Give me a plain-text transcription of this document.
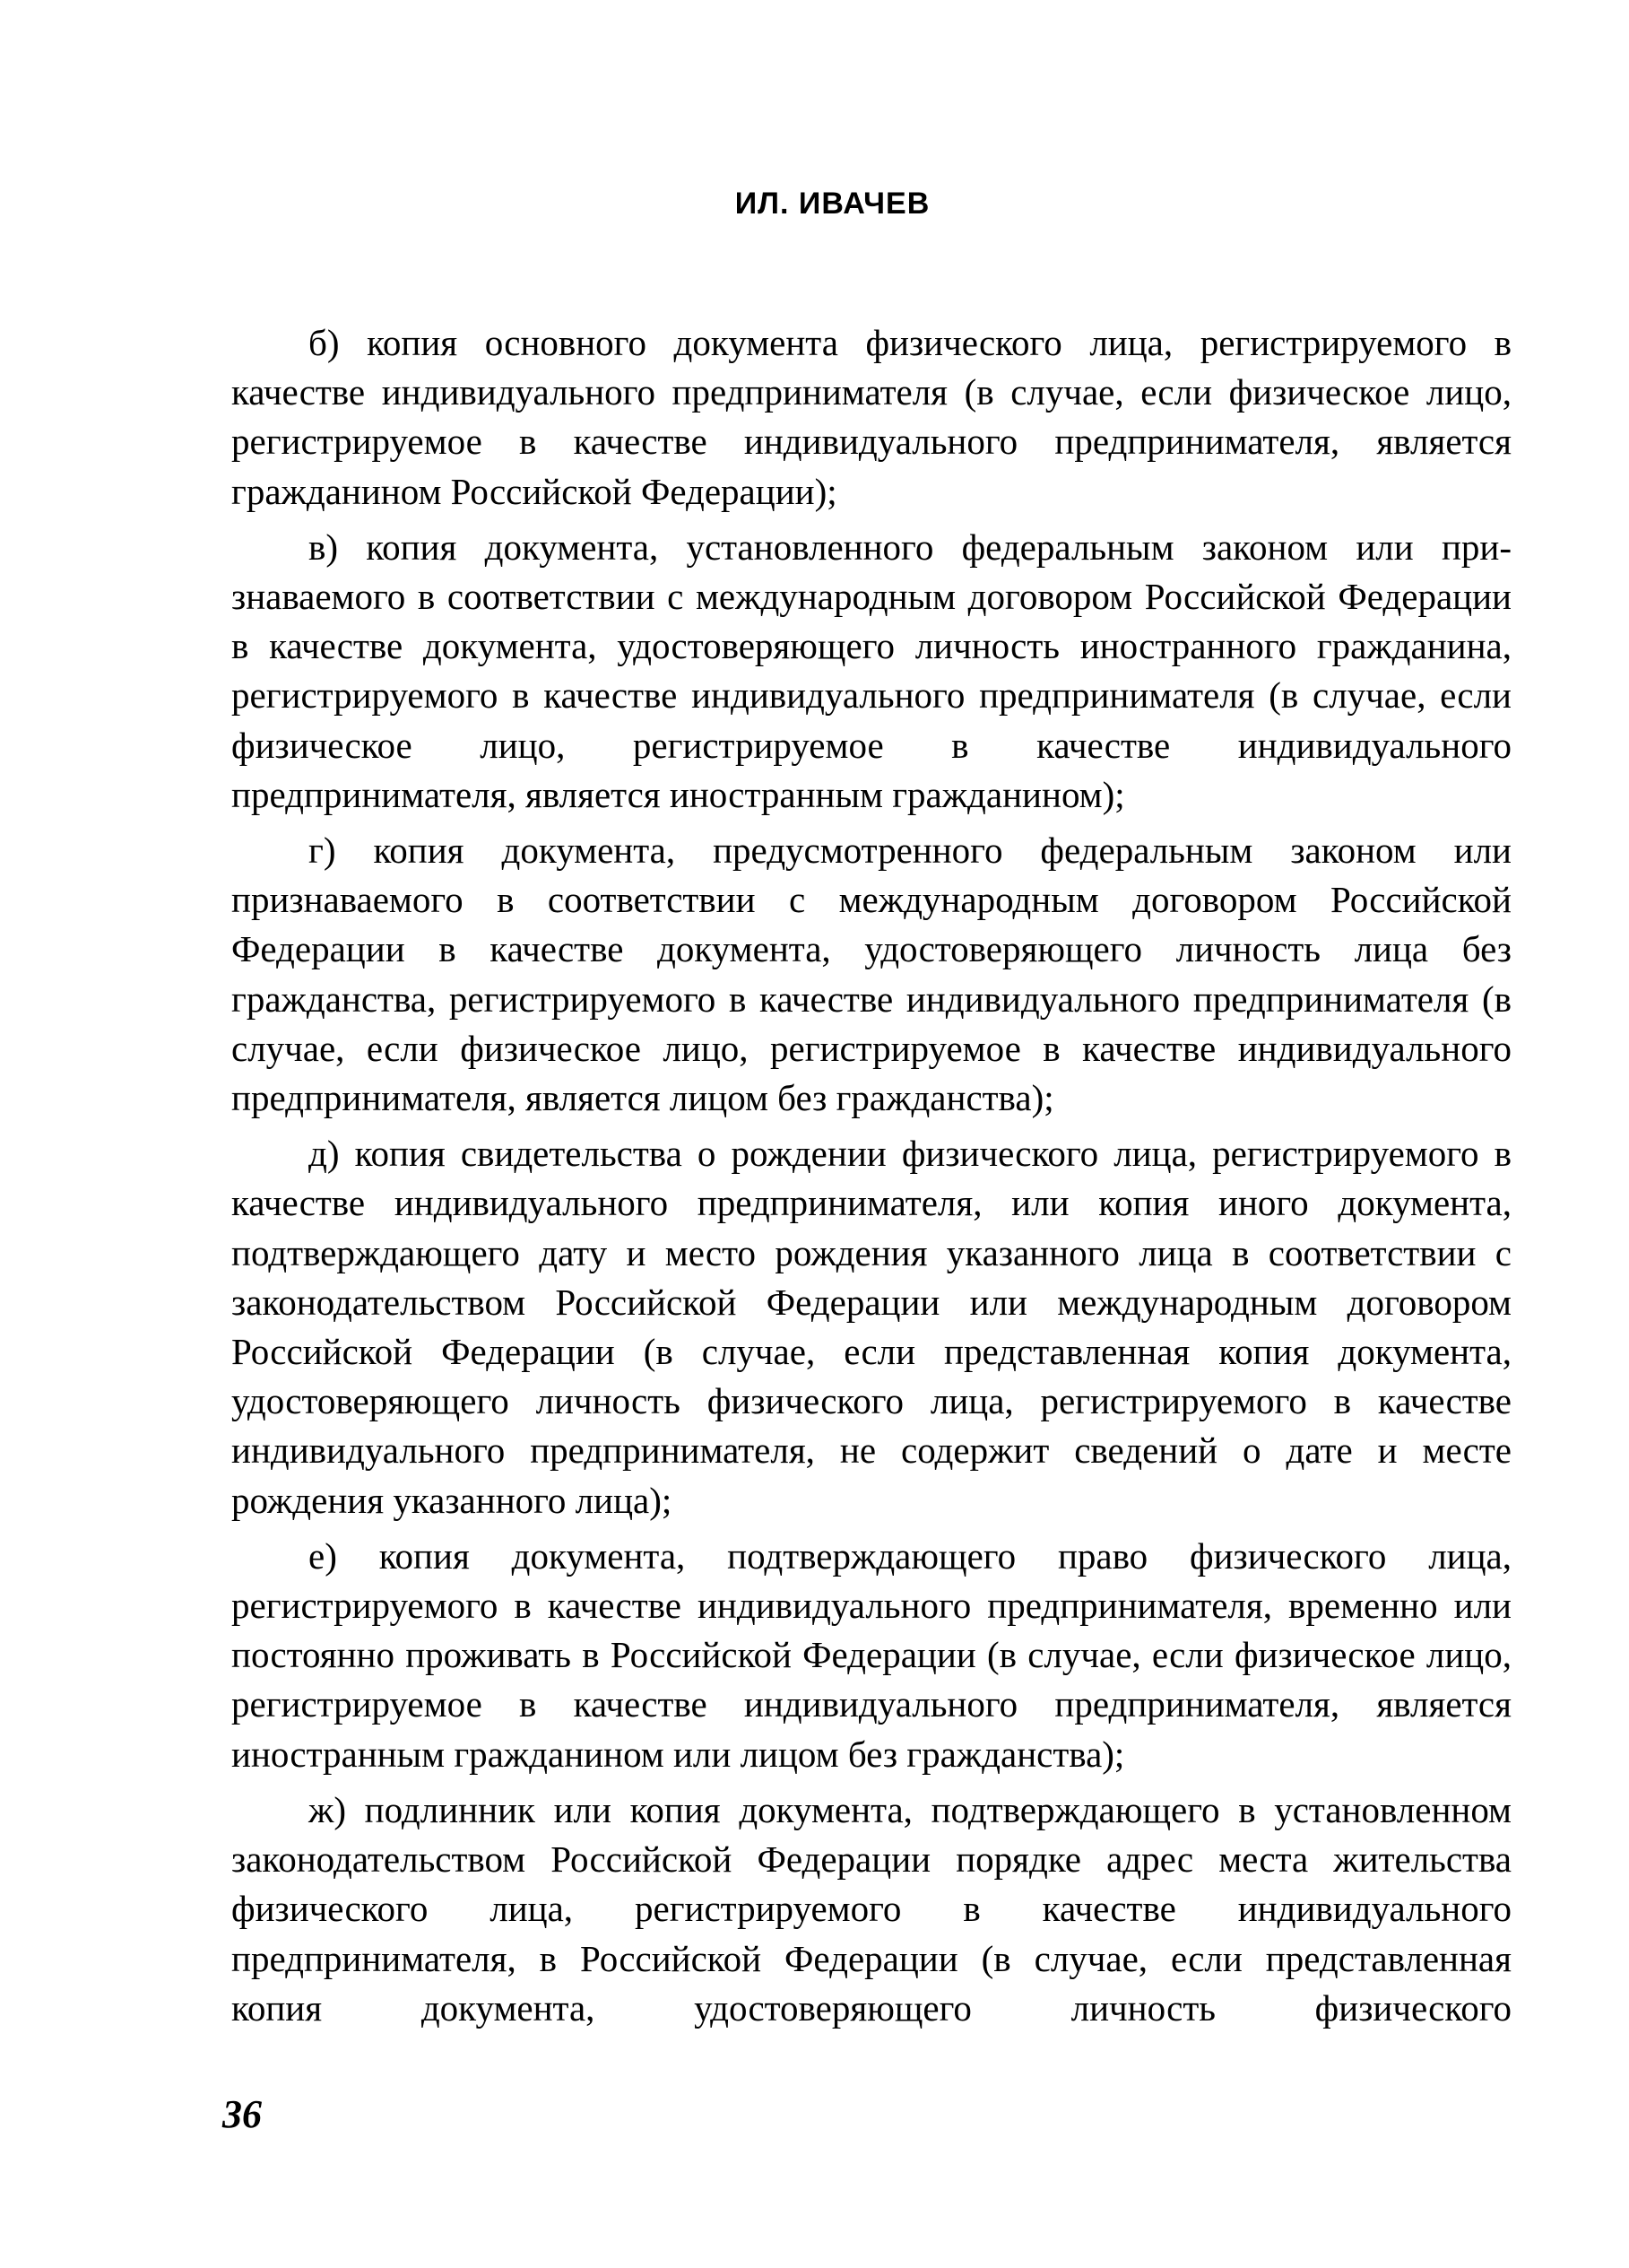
ИЛ. ИВАЧЕВ

б) копия основного документа физического лица, регистрируемого в качестве индивидуального предпринимателя (в случае, если физическое лицо, регистрируемое в качестве индивидуального предпринимателя, является гражданином Российской Федерации);

в) копия документа, установленного федеральным законом или признаваемого в соответствии с международным договором Российской Федерации в качестве документа, удостоверяющего личность иностранного гражданина, регистрируемого в качестве индивидуального предпринимателя (в случае, если физическое лицо, регистрируемое в качестве индивидуального предпринимателя, является иностранным гражданином);

г) копия документа, предусмотренного федеральным законом или признаваемого в соответствии с международным договором Российской Федерации в качестве документа, удостоверяющего личность лица без гражданства, регистрируемого в качестве индивидуального предпринимателя (в случае, если физическое лицо, регистрируемое в качестве индивидуального предпринимателя, является лицом без гражданства);

д) копия свидетельства о рождении физического лица, регистрируемого в качестве индивидуального предпринимателя, или копия иного документа, подтверждающего дату и место рождения указанного лица в соответствии с законодательством Российской Федерации или международным договором Российской Федерации (в случае, если представленная копия документа, удостоверяющего личность физического лица, регистрируемого в качестве индивидуального предпринимателя, не содержит сведений о дате и месте рождения указанного лица);

е) копия документа, подтверждающего право физического лица, регистрируемого в качестве индивидуального предпринимателя, временно или постоянно проживать в Российской Федерации (в случае, если физическое лицо, регистрируемое в качестве индивидуального предпринимателя, является иностранным гражданином или лицом без гражданства);

ж) подлинник или копия документа, подтверждающего в установленном законодательством Российской Федерации порядке адрес места жительства физического лица, регистрируемого в качестве индивидуального предпринимателя, в Российской Федерации (в случае, если представленная копия документа, удостоверяющего личность физического

36
